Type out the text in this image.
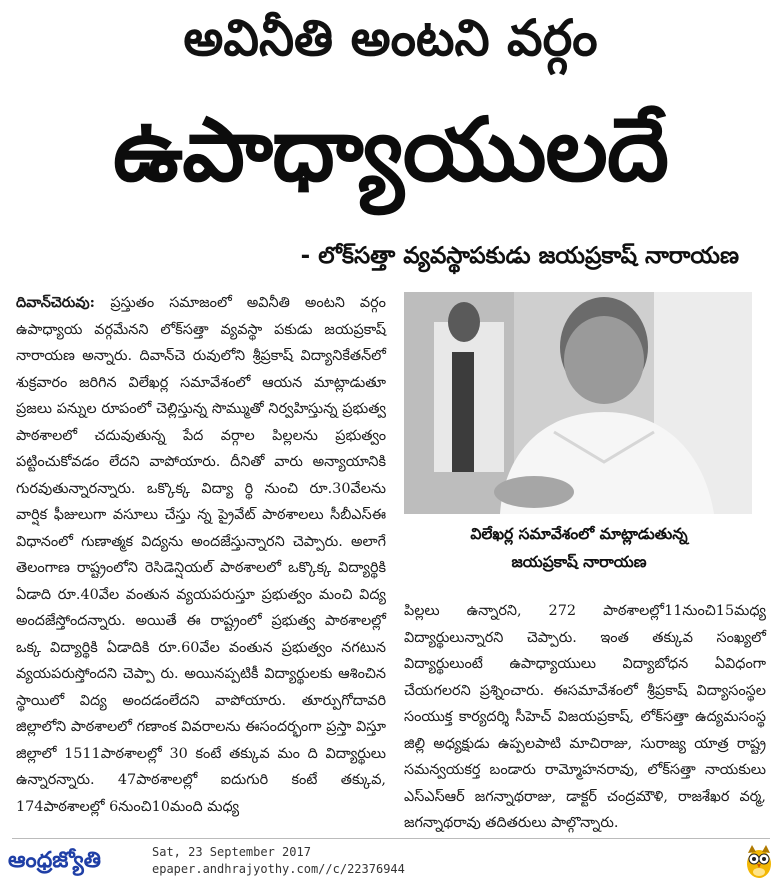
అవినీతి అంటని వర్గం
ఉపాధ్యాయులదే
- లోక్‌సత్తా వ్యవస్థాపకుడు జయప్రకాష్ నారాయణ
దివాన్‌చెరువు: ప్రస్తుతం సమాజంలో అవినీతి అంటని వర్గం ఉపాధ్యాయ వర్గమేనని లోక్‌సత్తా వ్యవస్థా పకుడు జయప్రకాష్ నారాయణ అన్నారు. దివాన్‌చె రువులోని శ్రీప్రకాష్ విద్యానికేతన్‌లో శుక్రవారం జరిగిన విలేఖర్ల సమావేశంలో ఆయన మాట్లాడుతూ ప్రజలు పన్నుల రూపంలో చెల్లిస్తున్న సొమ్ముతో నిర్వహిస్తున్న ప్రభుత్వ పాఠశాలలో చదువుతున్న పేద వర్గాల పిల్లలను ప్రభుత్వం పట్టించుకోవడం లేదని వాపోయారు. దీనితో వారు అన్యాయానికి గురవుతున్నారన్నారు. ఒక్కొక్క విద్యా ర్థి నుంచి రూ.30వేలను వార్షిక ఫీజులుగా వసూలు చేస్తు న్న ప్రైవేట్ పాఠశాలలు సీబీఎస్ఈ విధానంలో గుణాత్మక విద్యను అందజేస్తున్నారని చెప్పారు. అలాగే తెలంగాణ రాష్ట్రంలోని రెసిడెన్షియల్ పాఠశాలలో ఒక్కొక్క విద్యార్థికి ఏడాది రూ.40వేల వంతున వ్యయపరుస్తూ ప్రభుత్వం మంచి విద్య అందజేస్తోందన్నారు. అయితే ఈ రాష్ట్రంలో ప్రభుత్వ పాఠశాలల్లో ఒక్క విద్యార్థికి ఏడాదికి రూ.60వేల వంతున ప్రభుత్వం నగటున వ్యయపరుస్తోందని చెప్పా రు. అయినప్పటికీ విద్యార్థులకు ఆశించిన స్థాయిలో విద్య అందడంలేదని వాపోయారు. తూర్పుగోదావరి జిల్లాలోని పాఠశాలలో గణాంక వివరాలను ఈసందర్భంగా ప్రస్తా విస్తూ జిల్లాలో 1511పాఠశాలల్లో 30 కంటే తక్కువ మం ది విద్యార్థులు ఉన్నారన్నారు. 47పాఠశాలల్లో ఐదుగురి కంటే తక్కువ, 174పాఠశాలల్లో 6నుంచి10మంది మధ్య
విలేఖర్ల సమావేశంలో మాట్లాడుతున్న
జయప్రకాష్ నారాయణ
పిల్లలు ఉన్నారని, 272 పాఠశాలల్లో11నుంచి15మధ్య విద్యార్థులున్నారని చెప్పారు. ఇంత తక్కువ సంఖ్యలో విద్యార్థులుంటే ఉపాధ్యాయులు విద్యాబోధన ఏవిధంగా చేయగలరని ప్రశ్నించారు. ఈసమావేశంలో శ్రీప్రకాష్ విద్యాసంస్థల సంయుక్త కార్యదర్శి సీహెచ్ విజయప్రకాష్, లోక్‌సత్తా ఉద్యమసంస్థ జిల్లి అధ్యక్షుడు ఉప్పలపాటి మాచిరాజు, సురాజ్య యాత్ర రాష్ట్ర సమన్వయకర్త బండారు రామ్మోహనరావు, లోక్‌సత్తా నాయకులు ఎస్ఎస్ఆర్ జగన్నాథరాజు, డాక్టర్ చంద్రమౌళి, రాజశేఖర వర్మ, జగన్నాథరావు తదితరులు పాల్గొన్నారు.
ఆంధ్రజ్యోతి	Sat, 23 September 2017
epaper.andhrajyothy.com//c/22376944
